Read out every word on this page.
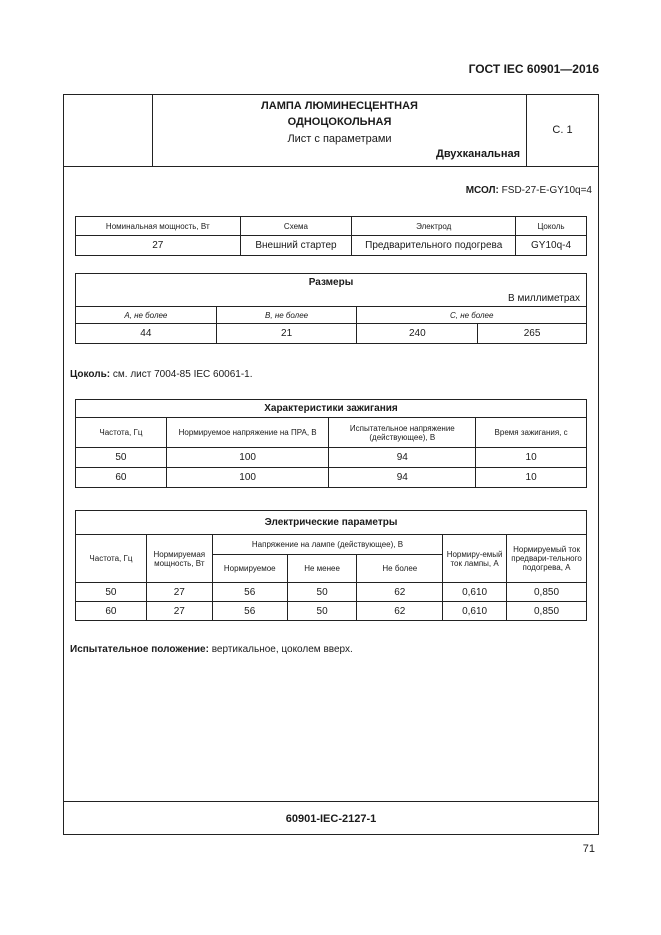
ГОСТ IEC 60901—2016
ЛАМПА ЛЮМИНЕСЦЕНТНАЯ
ОДНОЦОКОЛЬНАЯ
Лист с параметрами
Двухканальная
С. 1
МСОЛ: FSD-27-E-GY10q=4
Номинальная мощность, Вт	Схема	Электрод	Цоколь
27	Внешний стартер	Предварительного подогрева	GY10q-4
Размеры			
В миллиметрах			
А, не более	В, не более	С, не более	
44	21	240	265
Цоколь: см. лист 7004-85 IEC 60061-1.
Характеристики зажигания			
Частота, Гц	Нормируемое напряжение на ПРА, В	Испытательное напряжение (действующее), В	Время зажигания, с
50	100	94	10
60	100	94	10
Электрические параметры						
Частота, Гц	Нормируемая мощность, Вт	Напряжение на лампе (действующее), В			Нормиру-емый ток лампы, А	Нормируемый ток предвари-тельного подогрева, А
		Нормируемое	Не менее	Не более		
50	27	56	50	62	0,610	0,850
60	27	56	50	62	0,610	0,850
Испытательное положение: вертикальное, цоколем вверх.
60901-IEC-2127-1
71
